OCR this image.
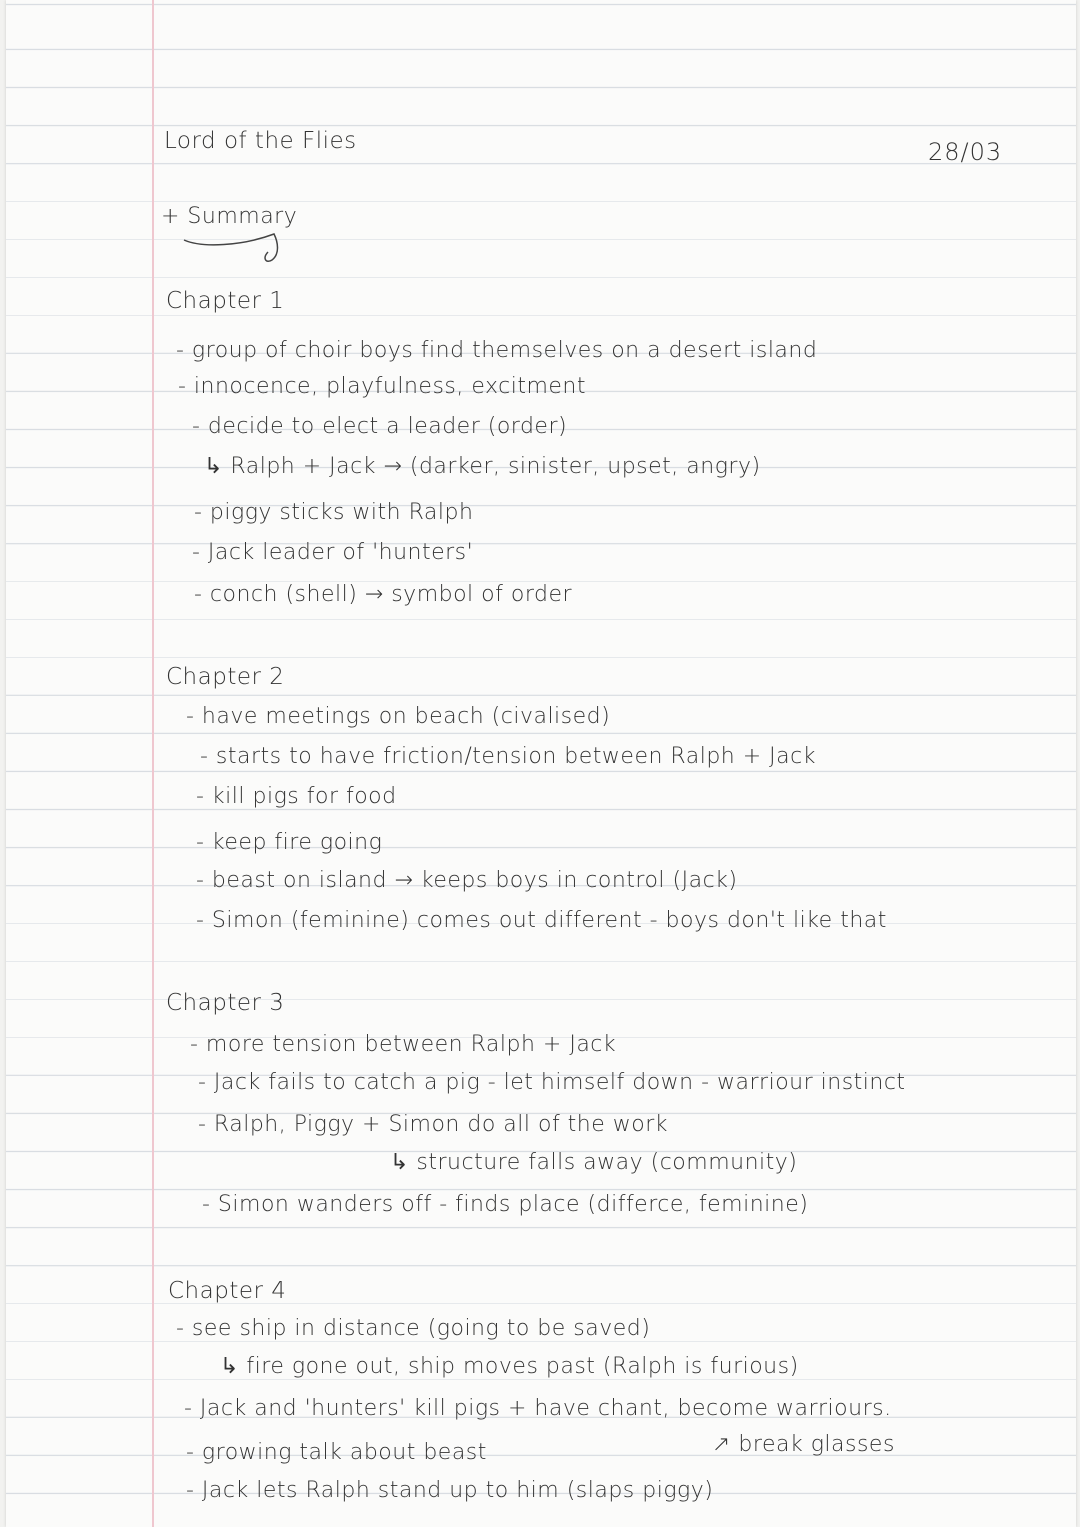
Lord of the Flies	28/03
+ Summary
Chapter 1
- group of choir boys find themselves on a desert island
- innocence, playfulness, excitment
- decide to elect a leader (order)
↳ Ralph + Jack → (darker, sinister, upset, angry)
- piggy sticks with Ralph
- Jack leader of 'hunters'
- conch (shell) → symbol of order
Chapter 2
- have meetings on beach (civalised)
- starts to have friction/tension between Ralph + Jack
- kill pigs for food
- keep fire going
- beast on island → keeps boys in control (Jack)
- Simon (feminine) comes out different - boys don't like that
Chapter 3
- more tension between Ralph + Jack
- Jack fails to catch a pig - let himself down - warriour instinct
- Ralph, Piggy + Simon do all of the work
↳ structure falls away (community)
- Simon wanders off - finds place (differce, feminine)
Chapter 4
- see ship in distance (going to be saved)
↳ fire gone out, ship moves past (Ralph is furious)
- Jack and 'hunters' kill pigs + have chant, become warriours.
↗ break glasses
- growing talk about beast
- Jack lets Ralph stand up to him (slaps piggy)
